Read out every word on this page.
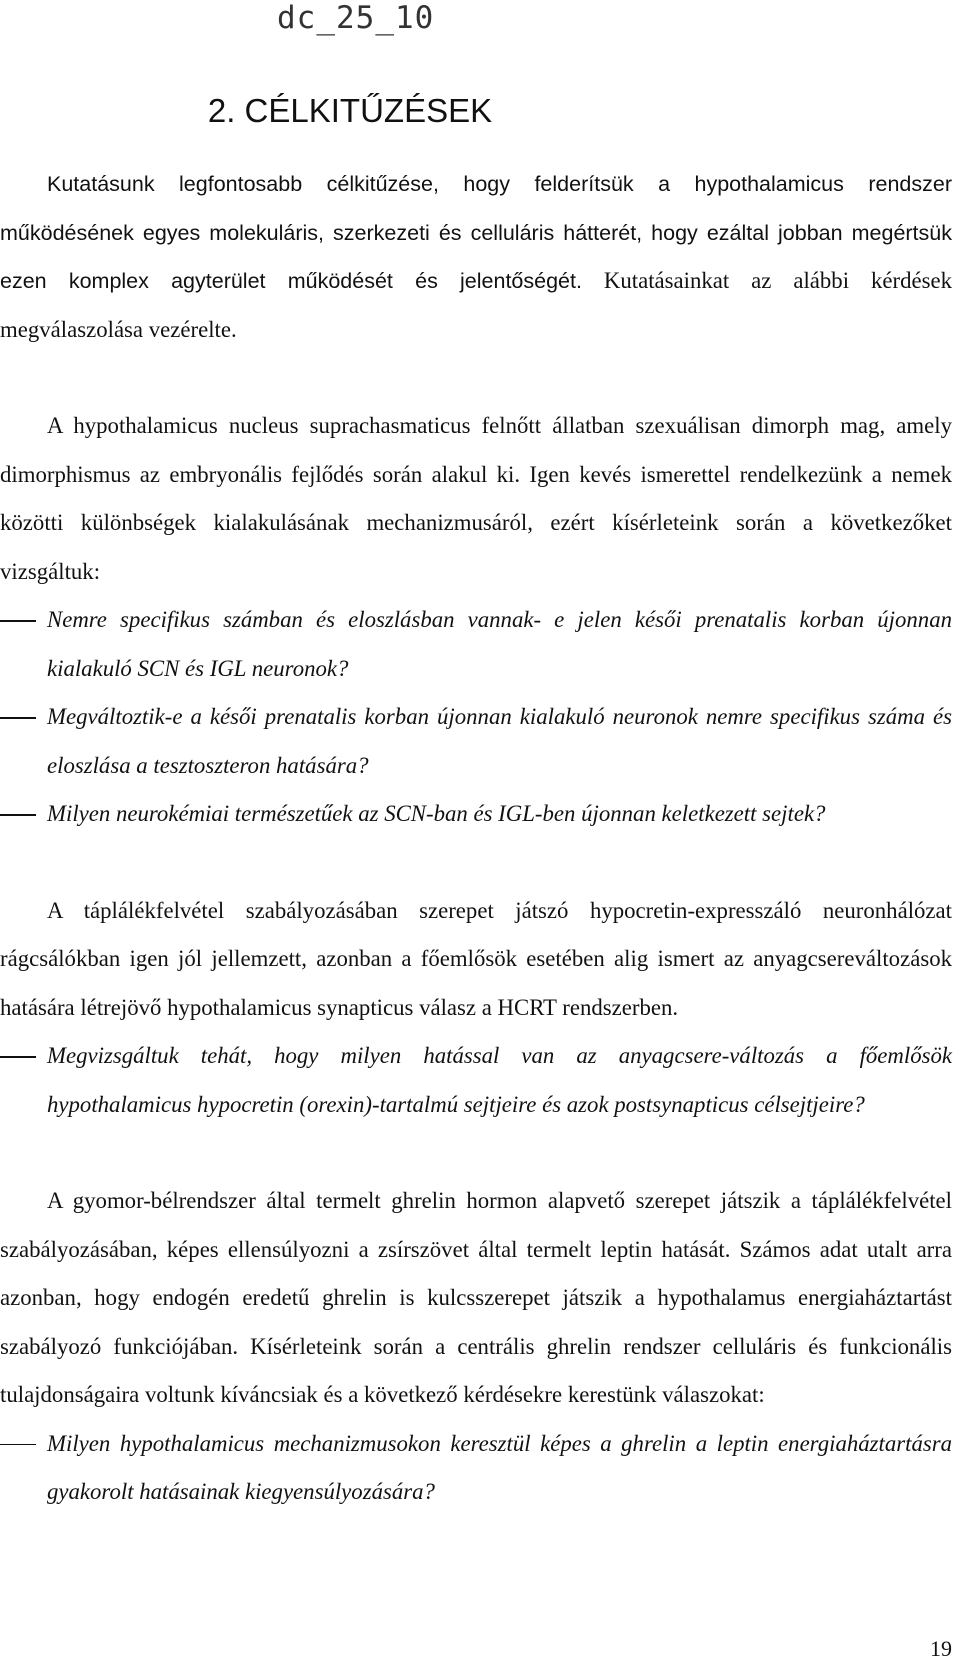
dc_25_10
2. CÉLKITŰZÉSEK

Kutatásunk legfontosabb célkitűzése, hogy felderítsük a hypothalamicus rendszer működésének egyes molekuláris, szerkezeti és celluláris hátterét, hogy ezáltal jobban megértsük ezen komplex agyterület működését és jelentőségét. Kutatásainkat az alábbi kérdések megválaszolása vezérelte.

A hypothalamicus nucleus suprachasmaticus felnőtt állatban szexuálisan dimorph mag, amely dimorphismus az embryonális fejlődés során alakul ki. Igen kevés ismerettel rendelkezünk a nemek közötti különbségek kialakulásának mechanizmusáról, ezért kísérleteink során a következőket vizsgáltuk:

Nemre specifikus számban és eloszlásban vannak- e jelen késői prenatalis korban újonnan kialakuló SCN és IGL neuronok?
Megváltoztik-e a késői prenatalis korban újonnan kialakuló neuronok nemre specifikus száma és eloszlása a tesztoszteron hatására?
Milyen neurokémiai természetűek az SCN-ban és IGL-ben újonnan keletkezett sejtek?

A táplálékfelvétel szabályozásában szerepet játszó hypocretin-expresszáló neuronhálózat rágcsálókban igen jól jellemzett, azonban a főemlősök esetében alig ismert az anyagcsereváltozások hatására létrejövő hypothalamicus synapticus válasz a HCRT rendszerben.

Megvizsgáltuk tehát, hogy milyen hatással van az anyagcsere-változás a főemlősök hypothalamicus hypocretin (orexin)-tartalmú sejtjeire és azok postsynapticus célsejtjeire?

A gyomor-bélrendszer által termelt ghrelin hormon alapvető szerepet játszik a táplálékfelvétel szabályozásában, képes ellensúlyozni a zsírszövet által termelt leptin hatását. Számos adat utalt arra azonban, hogy endogén eredetű ghrelin is kulcsszerepet játszik a hypothalamus energiaháztartást szabályozó funkciójában. Kísérleteink során a centrális ghrelin rendszer celluláris és funkcionális tulajdonságaira voltunk kíváncsiak és a következő kérdésekre kerestünk válaszokat:

Milyen hypothalamicus mechanizmusokon keresztül képes a ghrelin a leptin energiaháztartásra gyakorolt hatásainak kiegyensúlyozására?
19
